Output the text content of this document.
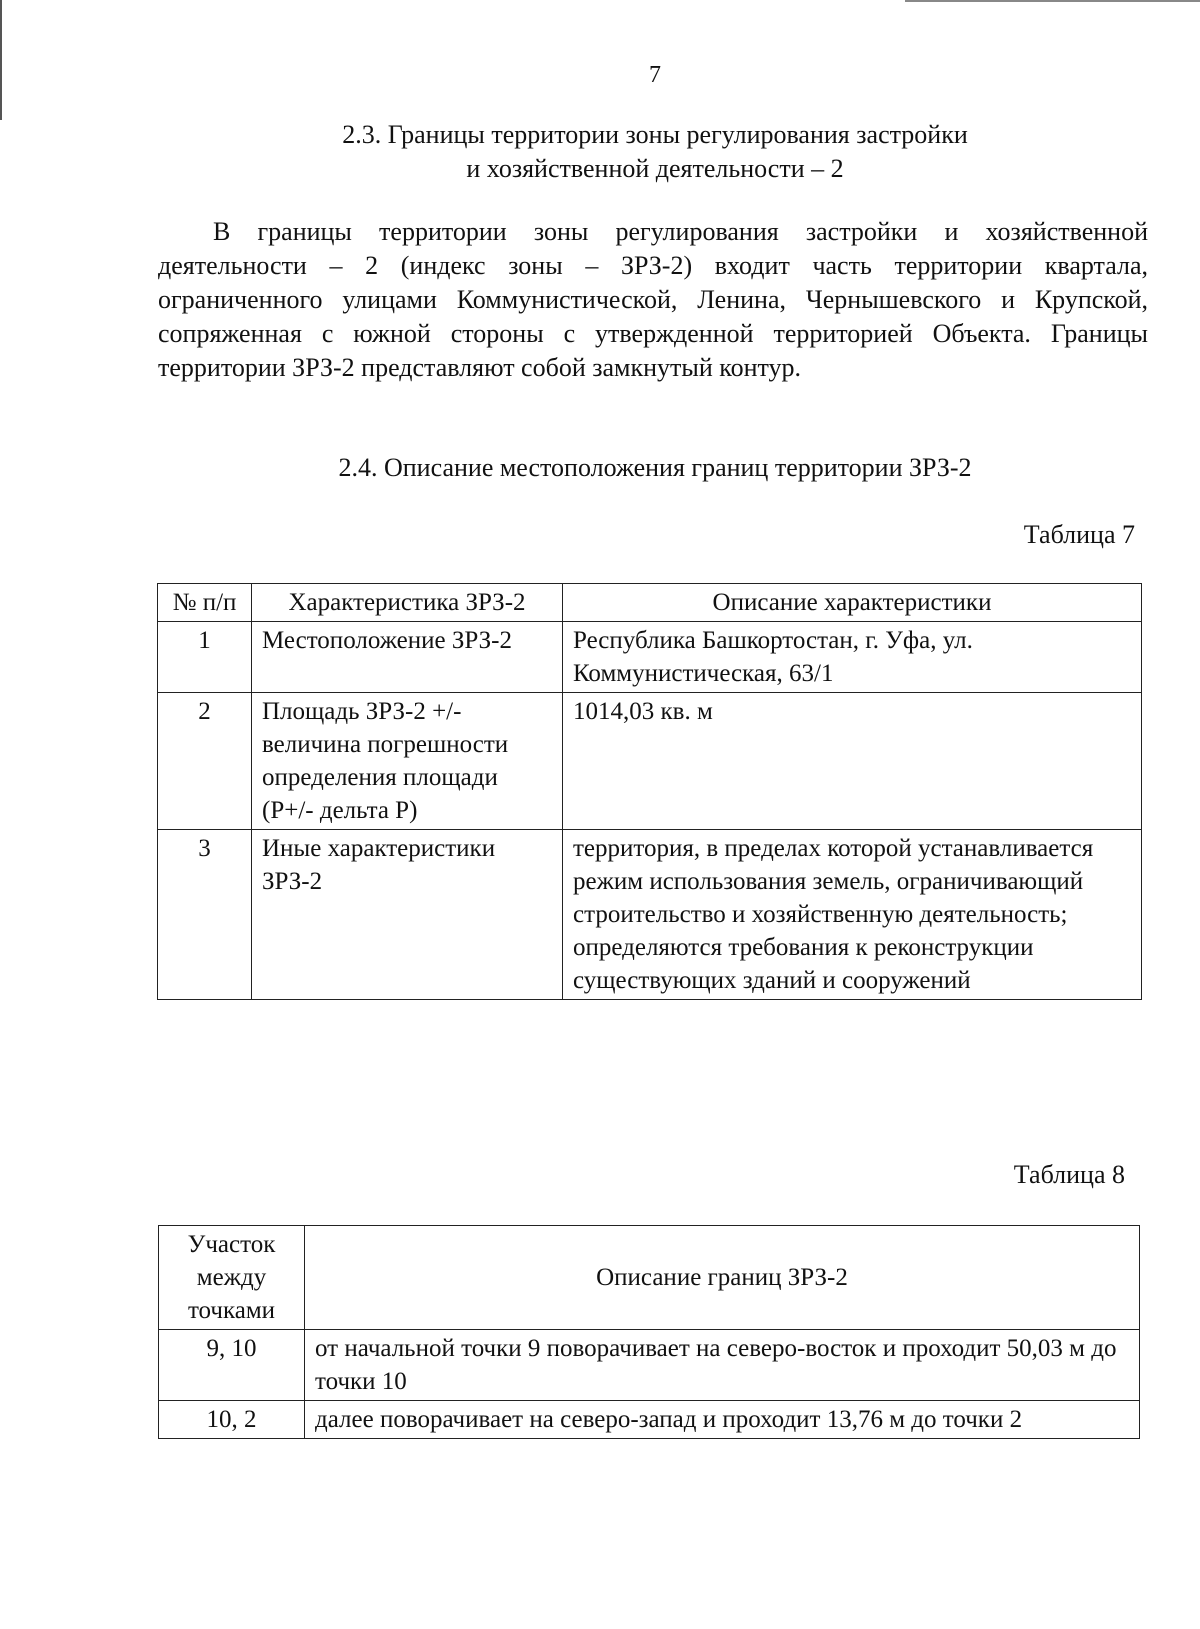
7
2.3. Границы территории зоны регулирования застройки
и хозяйственной деятельности – 2

В границы территории зоны регулирования застройки и хозяйственной деятельности – 2 (индекс зоны – ЗРЗ-2) входит часть территории квартала, ограниченного улицами Коммунистической, Ленина, Чернышевского и Крупской, сопряженная с южной стороны с утвержденной территорией Объекта. Границы территории ЗРЗ-2 представляют собой замкнутый контур.

2.4. Описание местоположения границ территории ЗРЗ-2
Таблица 7
№ п/п	Характеристика ЗРЗ-2	Описание характеристики
1	Местоположение ЗРЗ-2	Республика Башкортостан, г. Уфа, ул. Коммунистическая, 63/1
2	Площадь ЗРЗ-2 +/- величина погрешности определения площади (P+/- дельта P)	1014,03 кв. м
3	Иные характеристики ЗРЗ-2	территория, в пределах которой устанавливается режим использования земель, ограничивающий строительство и хозяйственную деятельность; определяются требования к реконструкции существующих зданий и сооружений
Таблица 8
Участок между точками	Описание границ ЗРЗ-2
9, 10	от начальной точки 9 поворачивает на северо-восток и проходит 50,03 м до точки 10
10, 2	далее поворачивает на северо-запад и проходит 13,76 м до точки 2
